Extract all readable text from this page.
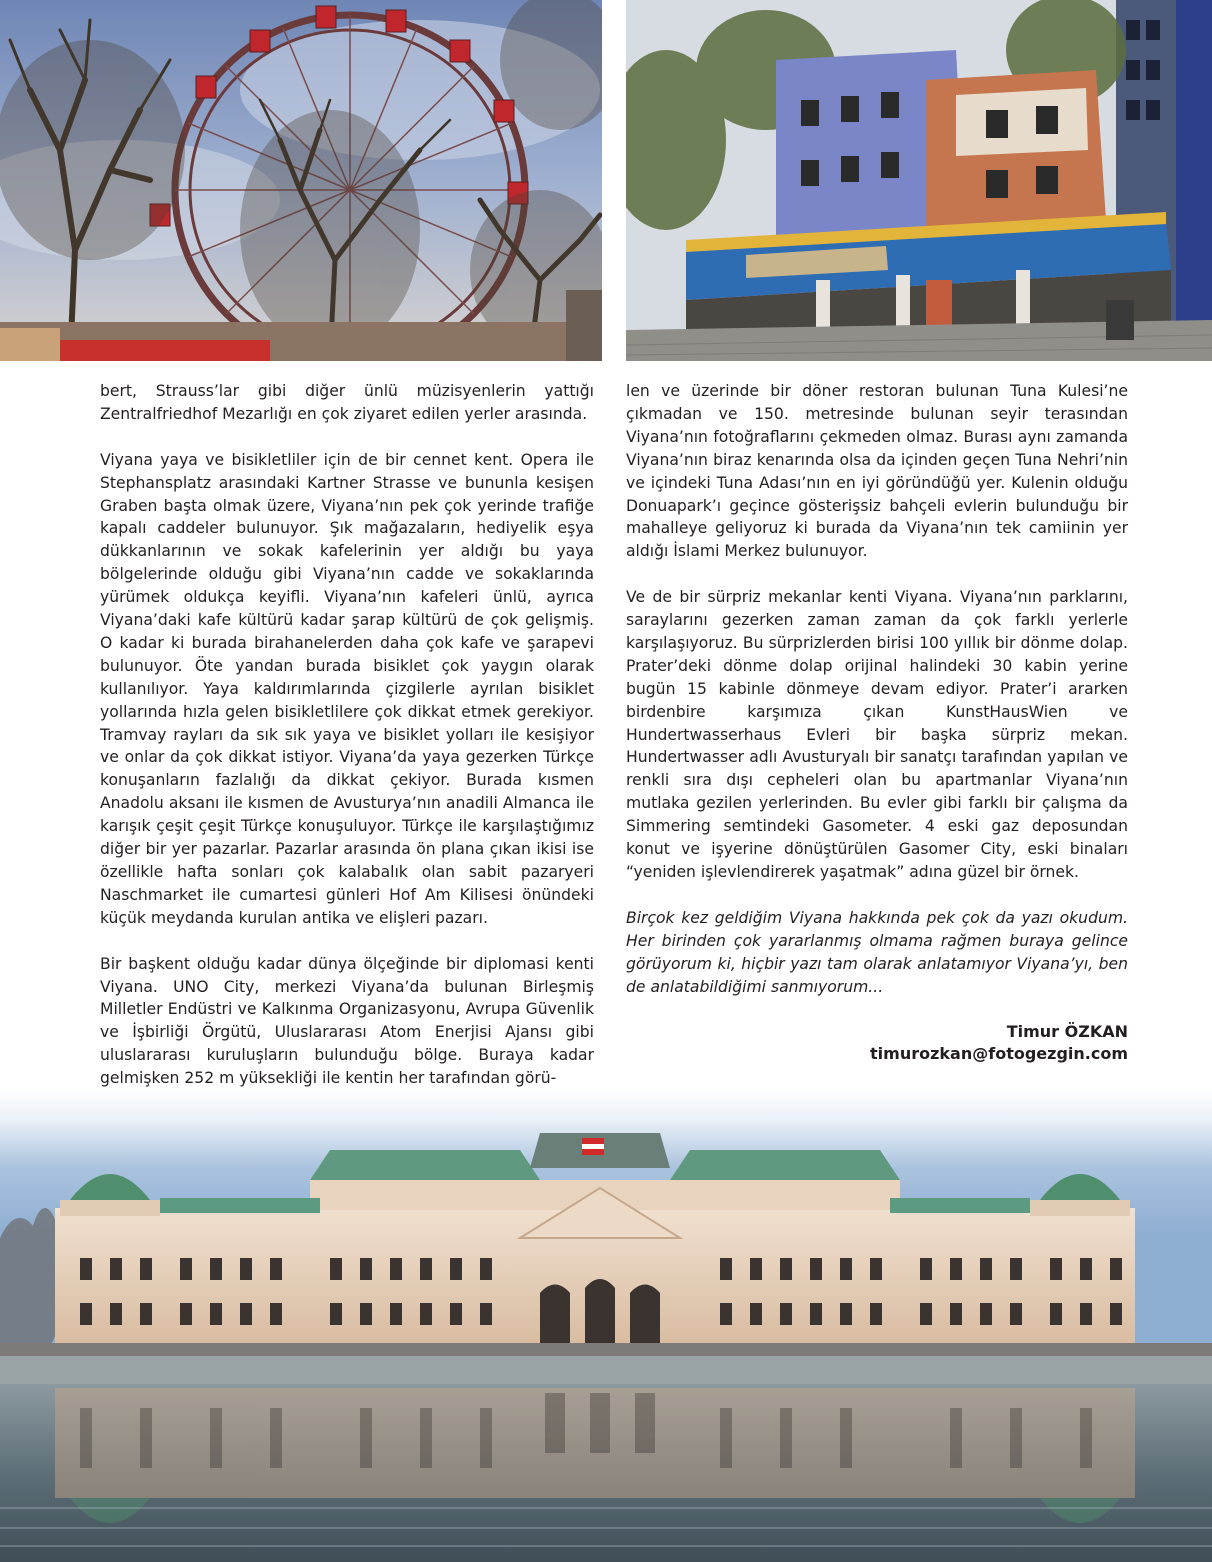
bert, Strauss’lar gibi diğer ünlü müzisyenlerin yattığı Zentralfriedhof Mezarlığı en çok ziyaret edilen yerler arasında.

Viyana yaya ve bisikletliler için de bir cennet kent. Opera ile Stephansplatz arasındaki Kartner Strasse ve bununla kesişen Graben başta olmak üzere, Viyana’nın pek çok yerinde trafiğe kapalı caddeler bulunuyor. Şık mağazaların, hediyelik eşya dükkanlarının ve sokak kafelerinin yer aldığı bu yaya bölgelerinde olduğu gibi Viyana’nın cadde ve sokaklarında yürümek oldukça keyifli. Viyana’nın kafeleri ünlü, ayrıca Viyana’daki kafe kültürü kadar şarap kültürü de çok gelişmiş. O kadar ki burada birahanelerden daha çok kafe ve şarapevi bulunuyor. Öte yandan burada bisiklet çok yaygın olarak kullanılıyor. Yaya kaldırımlarında çizgilerle ayrılan bisiklet yollarında hızla gelen bisikletlilere çok dikkat etmek gerekiyor. Tramvay rayları da sık sık yaya ve bisiklet yolları ile kesişiyor ve onlar da çok dikkat istiyor. Viyana’da yaya gezerken Türkçe konuşanların fazlalığı da dikkat çekiyor. Burada kısmen Anadolu aksanı ile kısmen de Avusturya’nın anadili Almanca ile karışık çeşit çeşit Türkçe konuşuluyor. Türkçe ile karşılaştığımız diğer bir yer pazarlar. Pazarlar arasında ön plana çıkan ikisi ise özellikle hafta sonları çok kalabalık olan sabit pazaryeri Naschmarket ile cumartesi günleri Hof Am Kilisesi önündeki küçük meydanda kurulan antika ve elişleri pazarı.

Bir başkent olduğu kadar dünya ölçeğinde bir diplomasi kenti Viyana. UNO City, merkezi Viyana’da bulunan Birleşmiş Milletler Endüstri ve Kalkınma Organizasyonu, Avrupa Güvenlik ve İşbirliği Örgütü, Uluslararası Atom Enerjisi Ajansı gibi uluslararası kuruluşların bulunduğu bölge. Buraya kadar gelmişken 252 m yüksekliği ile kentin her tarafından görü-

len ve üzerinde bir döner restoran bulunan Tuna Kulesi’ne çıkmadan ve 150. metresinde bulunan seyir terasından Viyana’nın fotoğraflarını çekmeden olmaz. Burası aynı zamanda Viyana’nın biraz kenarında olsa da içinden geçen Tuna Nehri’nin ve içindeki Tuna Adası’nın en iyi göründüğü yer. Kulenin olduğu Donuapark’ı geçince gösterişsiz bahçeli evlerin bulunduğu bir mahalleye geliyoruz ki burada da Viyana’nın tek camiinin yer aldığı İslami Merkez bulunuyor.

Ve de bir sürpriz mekanlar kenti Viyana. Viyana’nın parklarını, saraylarını gezerken zaman zaman da çok farklı yerlerle karşılaşıyoruz. Bu sürprizlerden birisi 100 yıllık bir dönme dolap. Prater’deki dönme dolap orijinal halindeki 30 kabin yerine bugün 15 kabinle dönmeye devam ediyor. Prater’i ararken birdenbire karşımıza çıkan KunstHausWien ve Hundertwasserhaus Evleri bir başka sürpriz mekan. Hundertwasser adlı Avusturyalı bir sanatçı tarafından yapılan ve renkli sıra dışı cepheleri olan bu apartmanlar Viyana’nın mutlaka gezilen yerlerinden. Bu evler gibi farklı bir çalışma da Simmering semtindeki Gasometer. 4 eski gaz deposundan konut ve işyerine dönüştürülen Gasomer City, eski binaları “yeniden işlevlendirerek yaşatmak” adına güzel bir örnek.

Birçok kez geldiğim Viyana hakkında pek çok da yazı okudum. Her birinden çok yararlanmış olmama rağmen buraya gelince görüyorum ki, hiçbir yazı tam olarak anlatamıyor Viyana’yı, ben de anlatabildiğimi sanmıyorum...

Timur ÖZKAN
timurozkan@fotogezgin.com
